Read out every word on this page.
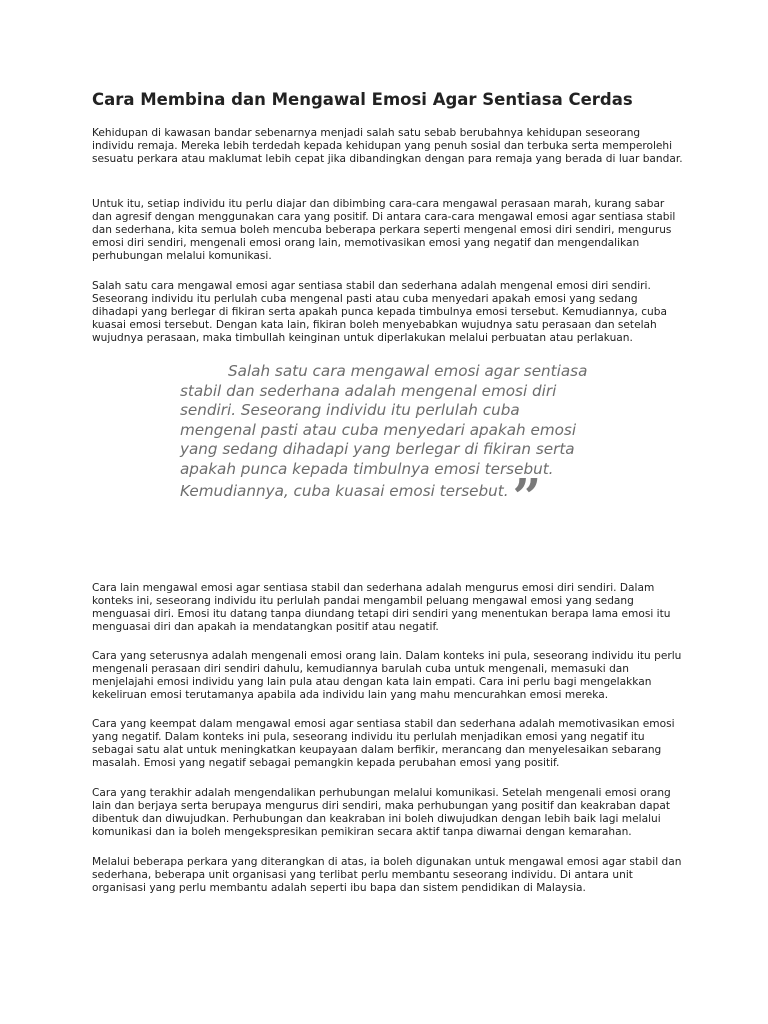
Cara Membina dan Mengawal Emosi Agar Sentiasa Cerdas

Kehidupan di kawasan bandar sebenarnya menjadi salah satu sebab berubahnya kehidupan seseorang individu remaja. Mereka lebih terdedah kepada kehidupan yang penuh sosial dan terbuka serta memperolehi sesuatu perkara atau maklumat lebih cepat jika dibandingkan dengan para remaja yang berada di luar bandar.

Untuk itu, setiap individu itu perlu diajar dan dibimbing cara-cara mengawal perasaan marah, kurang sabar dan agresif dengan menggunakan cara yang positif. Di antara cara-cara mengawal emosi agar sentiasa stabil dan sederhana, kita semua boleh mencuba beberapa perkara seperti mengenal emosi diri sendiri, mengurus emosi diri sendiri, mengenali emosi orang lain, memotivasikan emosi yang negatif dan mengendalikan perhubungan melalui komunikasi.

Salah satu cara mengawal emosi agar sentiasa stabil dan sederhana adalah mengenal emosi diri sendiri. Seseorang individu itu perlulah cuba mengenal pasti atau cuba menyedari apakah emosi yang sedang dihadapi yang berlegar di fikiran serta apakah punca kepada timbulnya emosi tersebut. Kemudiannya, cuba kuasai emosi tersebut. Dengan kata lain, fikiran boleh menyebabkan wujudnya satu perasaan dan setelah wujudnya perasaan, maka timbullah keinginan untuk diperlakukan melalui perbuatan atau perlakuan.

Salah satu cara mengawal emosi agar sentiasa stabil dan sederhana adalah mengenal emosi diri sendiri. Seseorang individu itu perlulah cuba mengenal pasti atau cuba menyedari apakah emosi yang sedang dihadapi yang berlegar di fikiran serta apakah punca kepada timbulnya emosi tersebut. Kemudiannya, cuba kuasai emosi tersebut.”

Cara lain mengawal emosi agar sentiasa stabil dan sederhana adalah mengurus emosi diri sendiri. Dalam konteks ini, seseorang individu itu perlulah pandai mengambil peluang mengawal emosi yang sedang menguasai diri. Emosi itu datang tanpa diundang tetapi diri sendiri yang menentukan berapa lama emosi itu menguasai diri dan apakah ia mendatangkan positif atau negatif.

Cara yang seterusnya adalah mengenali emosi orang lain. Dalam konteks ini pula, seseorang individu itu perlu mengenali perasaan diri sendiri dahulu, kemudiannya barulah cuba untuk mengenali, memasuki dan menjelajahi emosi individu yang lain pula atau dengan kata lain empati. Cara ini perlu bagi mengelakkan kekeliruan emosi terutamanya apabila ada individu lain yang mahu mencurahkan emosi mereka.

Cara yang keempat dalam mengawal emosi agar sentiasa stabil dan sederhana adalah memotivasikan emosi yang negatif. Dalam konteks ini pula, seseorang individu itu perlulah menjadikan emosi yang negatif itu sebagai satu alat untuk meningkatkan keupayaan dalam berfikir, merancang dan menyelesaikan sebarang masalah. Emosi yang negatif sebagai pemangkin kepada perubahan emosi yang positif.

Cara yang terakhir adalah mengendalikan perhubungan melalui komunikasi. Setelah mengenali emosi orang lain dan berjaya serta berupaya mengurus diri sendiri, maka perhubungan yang positif dan keakraban dapat dibentuk dan diwujudkan. Perhubungan dan keakraban ini boleh diwujudkan dengan lebih baik lagi melalui komunikasi dan ia boleh mengekspresikan pemikiran secara aktif tanpa diwarnai dengan kemarahan.

Melalui beberapa perkara yang diterangkan di atas, ia boleh digunakan untuk mengawal emosi agar stabil dan sederhana, beberapa unit organisasi yang terlibat perlu membantu seseorang individu. Di antara unit organisasi yang perlu membantu adalah seperti ibu bapa dan sistem pendidikan di Malaysia.
